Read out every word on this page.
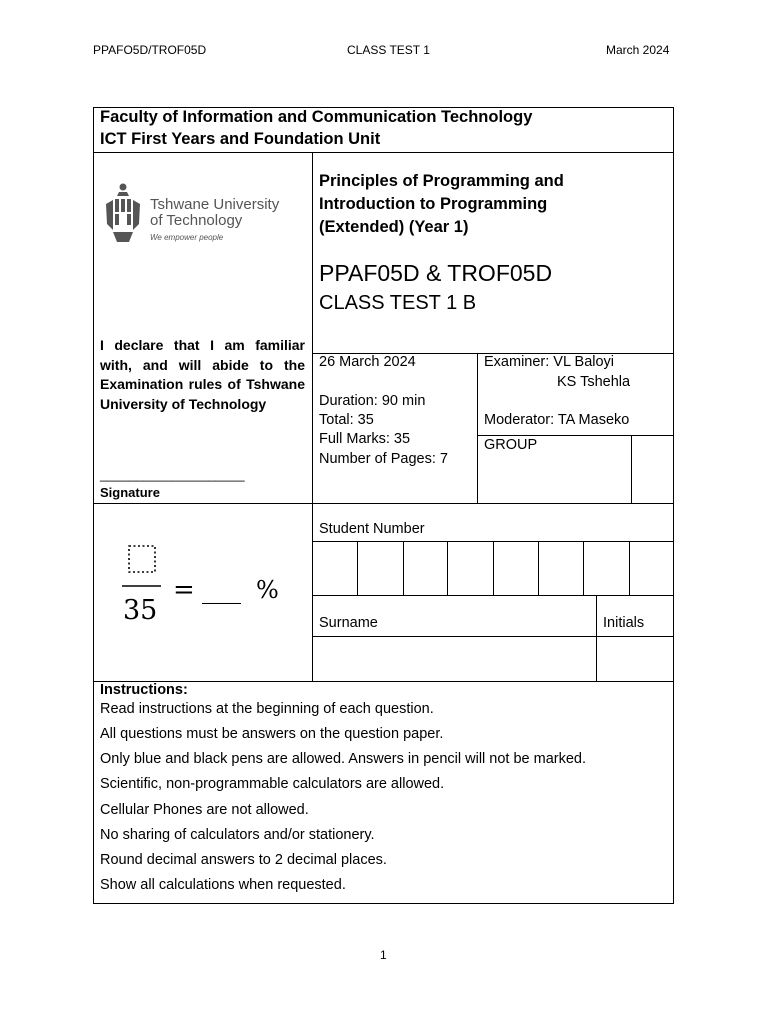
PPAFO5D/TROF05D	CLASS TEST 1	March 2024
Faculty of Information and Communication Technology
ICT First Years and Foundation Unit
Tshwane University
of Technology
We empower people
Principles of Programming and
Introduction to Programming
(Extended) (Year 1)
PPAF05D & TROF05D
CLASS TEST 1 B
I declare that I am familiar with, and will abide to the Examination rules of Tshwane University of Technology
____________________
Signature
26 March 2024
Duration: 90 min
Total: 35
Full Marks: 35
Number of Pages: 7
Examiner: VL Baloyi
KS Tshehla
Moderator: TA Maseko
GROUP
35
= ___ %
Student Number
Surname	Initials
Instructions:
Read instructions at the beginning of each question.
All questions must be answers on the question paper.
Only blue and black pens are allowed. Answers in pencil will not be marked.
Scientific, non-programmable calculators are allowed.
Cellular Phones are not allowed.
No sharing of calculators and/or stationery.
Round decimal answers to 2 decimal places.
Show all calculations when requested.
1
